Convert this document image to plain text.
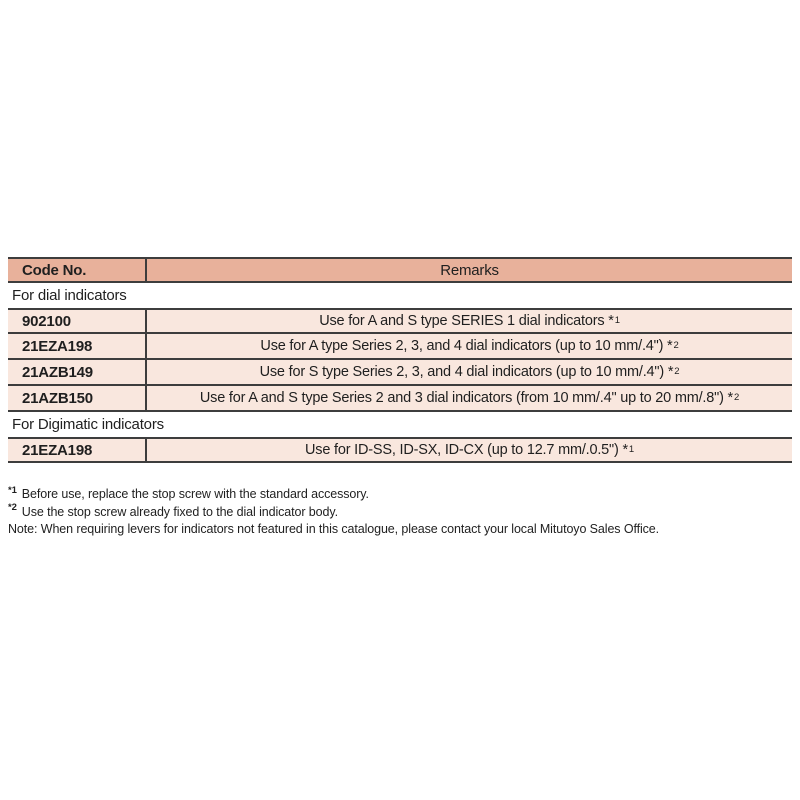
Code No.	Remarks
For dial indicators
902100	Use for A and S type SERIES 1 dial indicators * 1
21EZA198	Use for A type Series 2, 3, and 4 dial indicators (up to 10 mm/.4") * 2
21AZB149	Use for S type Series 2, 3, and 4 dial indicators (up to 10 mm/.4") * 2
21AZB150	Use for A and S type Series 2 and 3 dial indicators (from 10 mm/.4" up to 20 mm/.8") * 2
For Digimatic indicators
21EZA198	Use for ID-SS, ID-SX, ID-CX (up to 12.7 mm/.0.5") * 1
*1 Before use, replace the stop screw with the standard accessory.
*2 Use the stop screw already fixed to the dial indicator body.
Note: When requiring levers for indicators not featured in this catalogue, please contact your local Mitutoyo Sales Office.
